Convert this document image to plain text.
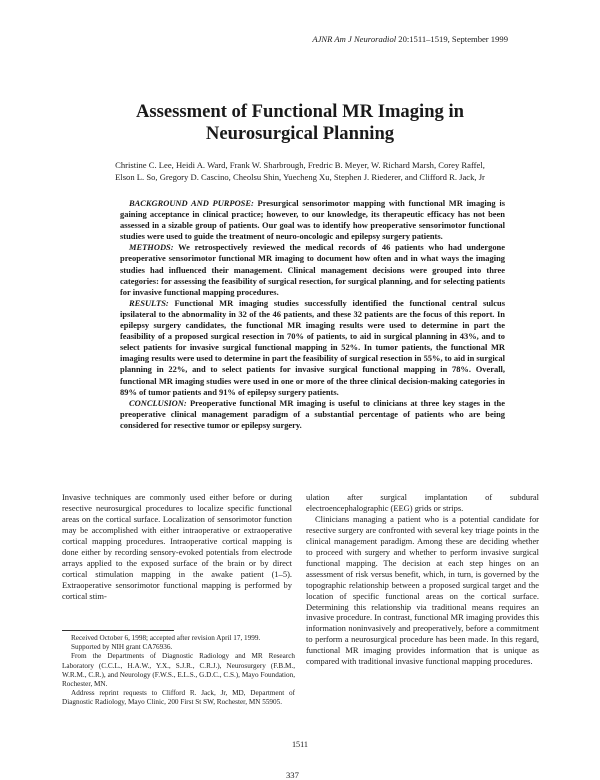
AJNR Am J Neuroradiol 20:1511–1519, September 1999
Assessment of Functional MR Imaging in
Neurosurgical Planning
Christine C. Lee, Heidi A. Ward, Frank W. Sharbrough, Fredric B. Meyer, W. Richard Marsh, Corey Raffel,
Elson L. So, Gregory D. Cascino, Cheolsu Shin, Yuecheng Xu, Stephen J. Riederer, and Clifford R. Jack, Jr

BACKGROUND AND PURPOSE: Presurgical sensorimotor mapping with functional MR imaging is gaining acceptance in clinical practice; however, to our knowledge, its therapeutic efficacy has not been assessed in a sizable group of patients. Our goal was to identify how preoperative sensorimotor functional studies were used to guide the treatment of neuro-oncologic and epilepsy surgery patients.

METHODS: We retrospectively reviewed the medical records of 46 patients who had undergone preoperative sensorimotor functional MR imaging to document how often and in what ways the imaging studies had influenced their management. Clinical management decisions were grouped into three categories: for assessing the feasibility of surgical resection, for surgical planning, and for selecting patients for invasive functional mapping procedures.

RESULTS: Functional MR imaging studies successfully identified the functional central sulcus ipsilateral to the abnormality in 32 of the 46 patients, and these 32 patients are the focus of this report. In epilepsy surgery candidates, the functional MR imaging results were used to determine in part the feasibility of a proposed surgical resection in 70% of patients, to aid in surgical planning in 43%, and to select patients for invasive surgical functional mapping in 52%. In tumor patients, the functional MR imaging results were used to determine in part the feasibility of surgical resection in 55%, to aid in surgical planning in 22%, and to select patients for invasive surgical functional mapping in 78%. Overall, functional MR imaging studies were used in one or more of the three clinical decision-making categories in 89% of tumor patients and 91% of epilepsy surgery patients.

CONCLUSION: Preoperative functional MR imaging is useful to clinicians at three key stages in the preoperative clinical management paradigm of a substantial percentage of patients who are being considered for resective tumor or epilepsy surgery.

Invasive techniques are commonly used either before or during resective neurosurgical procedures to localize specific functional areas on the cortical surface. Localization of sensorimotor function may be accomplished with either intraoperative or extraoperative cortical mapping procedures. Intraoperative cortical mapping is done either by recording sensory-evoked potentials from electrode arrays applied to the exposed surface of the brain or by direct cortical stimulation mapping in the awake patient (1–5). Extraoperative sensorimotor functional mapping is performed by cortical stim-

ulation after surgical implantation of subdural electroencephalographic (EEG) grids or strips.

Clinicians managing a patient who is a potential candidate for resective surgery are confronted with several key triage points in the clinical management paradigm. Among these are deciding whether to proceed with surgery and whether to perform invasive surgical functional mapping. The decision at each step hinges on an assessment of risk versus benefit, which, in turn, is governed by the topographic relationship between a proposed surgical target and the location of specific functional areas on the cortical surface. Determining this relationship via traditional means requires an invasive procedure. In contrast, functional MR imaging provides this information noninvasively and preoperatively, before a commitment to perform a neurosurgical procedure has been made. In this regard, functional MR imaging provides information that is unique as compared with traditional invasive functional mapping procedures.

Received October 6, 1998; accepted after revision April 17, 1999.

Supported by NIH grant CA76936.

From the Departments of Diagnostic Radiology and MR Research Laboratory (C.C.L., H.A.W., Y.X., S.J.R., C.R.J.), Neurosurgery (F.B.M., W.R.M., C.R.), and Neurology (F.W.S., E.L.S., G.D.C., C.S.), Mayo Foundation, Rochester, MN.

Address reprint requests to Clifford R. Jack, Jr, MD, Department of Diagnostic Radiology, Mayo Clinic, 200 First St SW, Rochester, MN 55905.

1511
337
